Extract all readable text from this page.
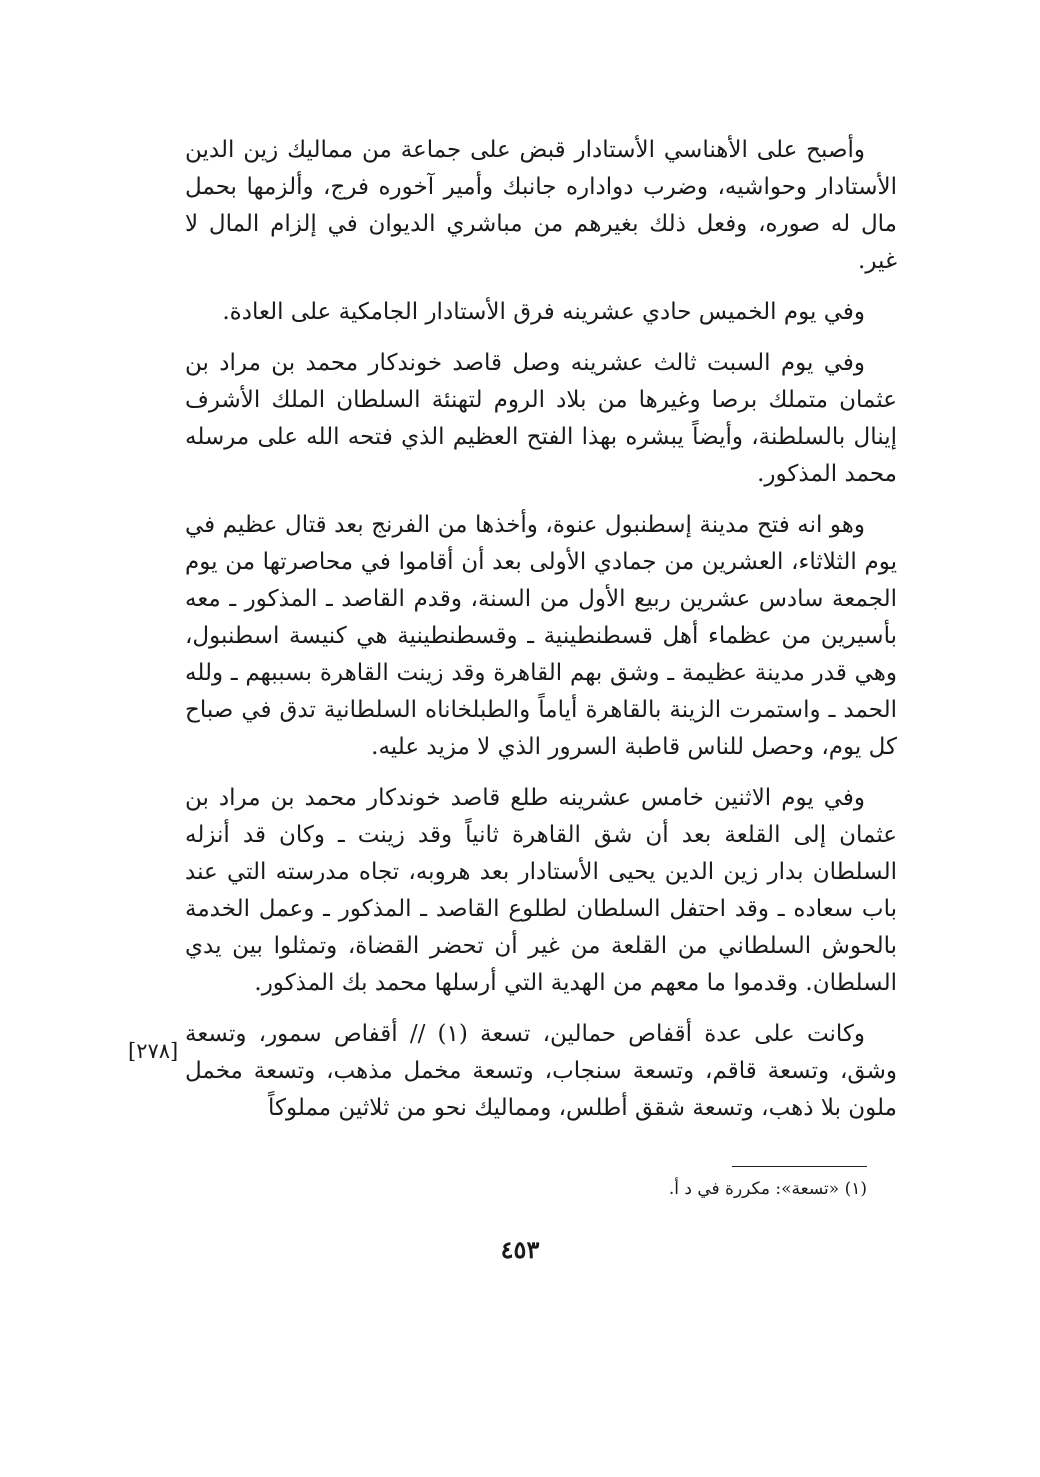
وأصبح على الأهناسي الأستادار قبض على جماعة من مماليك زين الدين الأستادار وحواشيه، وضرب دواداره جانبك وأمير آخوره فرج، وألزمها بحمل مال له صوره، وفعل ذلك بغيرهم من مباشري الديوان في إلزام المال لا غير.

وفي يوم الخميس حادي عشرينه فرق الأستادار الجامكية على العادة.

وفي يوم السبت ثالث عشرينه وصل قاصد خوندكار محمد بن مراد بن عثمان متملك برصا وغيرها من بلاد الروم لتهنئة السلطان الملك الأشرف إينال بالسلطنة، وأيضاً يبشره بهذا الفتح العظيم الذي فتحه الله على مرسله محمد المذكور.

وهو انه فتح مدينة إسطنبول عنوة، وأخذها من الفرنج بعد قتال عظيم في يوم الثلاثاء، العشرين من جمادي الأولى بعد أن أقاموا في محاصرتها من يوم الجمعة سادس عشرين ربيع الأول من السنة، وقدم القاصد ـ المذكور ـ معه بأسيرين من عظماء أهل قسطنطينية ـ وقسطنطينية هي كنيسة اسطنبول، وهي قدر مدينة عظيمة ـ وشق بهم القاهرة وقد زينت القاهرة بسببهم ـ ولله الحمد ـ واستمرت الزينة بالقاهرة أياماً والطبلخاناه السلطانية تدق في صباح كل يوم، وحصل للناس قاطبة السرور الذي لا مزيد عليه.

وفي يوم الاثنين خامس عشرينه طلع قاصد خوندكار محمد بن مراد بن عثمان إلى القلعة بعد أن شق القاهرة ثانياً وقد زينت ـ وكان قد أنزله السلطان بدار زين الدين يحيى الأستادار بعد هروبه، تجاه مدرسته التي عند باب سعاده ـ وقد احتفل السلطان لطلوع القاصد ـ المذكور ـ وعمل الخدمة بالحوش السلطاني من القلعة من غير أن تحضر القضاة، وتمثلوا بين يدي السلطان. وقدموا ما معهم من الهدية التي أرسلها محمد بك المذكور.

وكانت على عدة أقفاص حمالين، تسعة (١) // أقفاص سمور، وتسعة وشق، وتسعة قاقم، وتسعة سنجاب، وتسعة مخمل مذهب، وتسعة مخمل ملون بلا ذهب، وتسعة شقق أطلس، ومماليك نحو من ثلاثين مملوكاً

[٢٧٨]
(١) «تسعة»: مكررة في د أ.
٤٥٣
